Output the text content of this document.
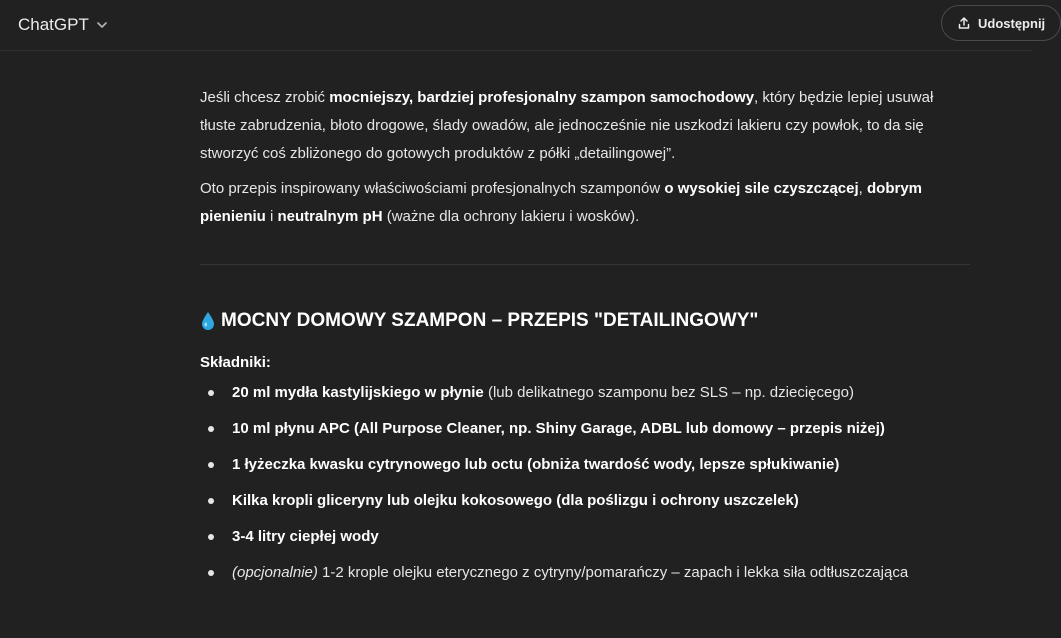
ChatGPT	Udostępnij

Jeśli chcesz zrobić mocniejszy, bardziej profesjonalny szampon samochodowy, który będzie lepiej usuwał tłuste zabrudzenia, błoto drogowe, ślady owadów, ale jednocześnie nie uszkodzi lakieru czy powłok, to da się stworzyć coś zbliżonego do gotowych produktów z półki „detailingowej”.

Oto przepis inspirowany właściwościami profesjonalnych szamponów o wysokiej sile czyszczącej, dobrym pienieniu i neutralnym pH (ważne dla ochrony lakieru i wosków).

MOCNY DOMOWY SZAMPON – PRZEPIS "DETAILINGOWY"
Składniki:
20 ml mydła kastylijskiego w płynie (lub delikatnego szamponu bez SLS – np. dziecięcego)
10 ml płynu APC (All Purpose Cleaner, np. Shiny Garage, ADBL lub domowy – przepis niżej)
1 łyżeczka kwasku cytrynowego lub octu (obniża twardość wody, lepsze spłukiwanie)
Kilka kropli gliceryny lub olejku kokosowego (dla poślizgu i ochrony uszczelek)
3-4 litry ciepłej wody
(opcjonalnie) 1-2 krople olejku eterycznego z cytryny/pomarańczy – zapach i lekka siła odtłuszczająca
